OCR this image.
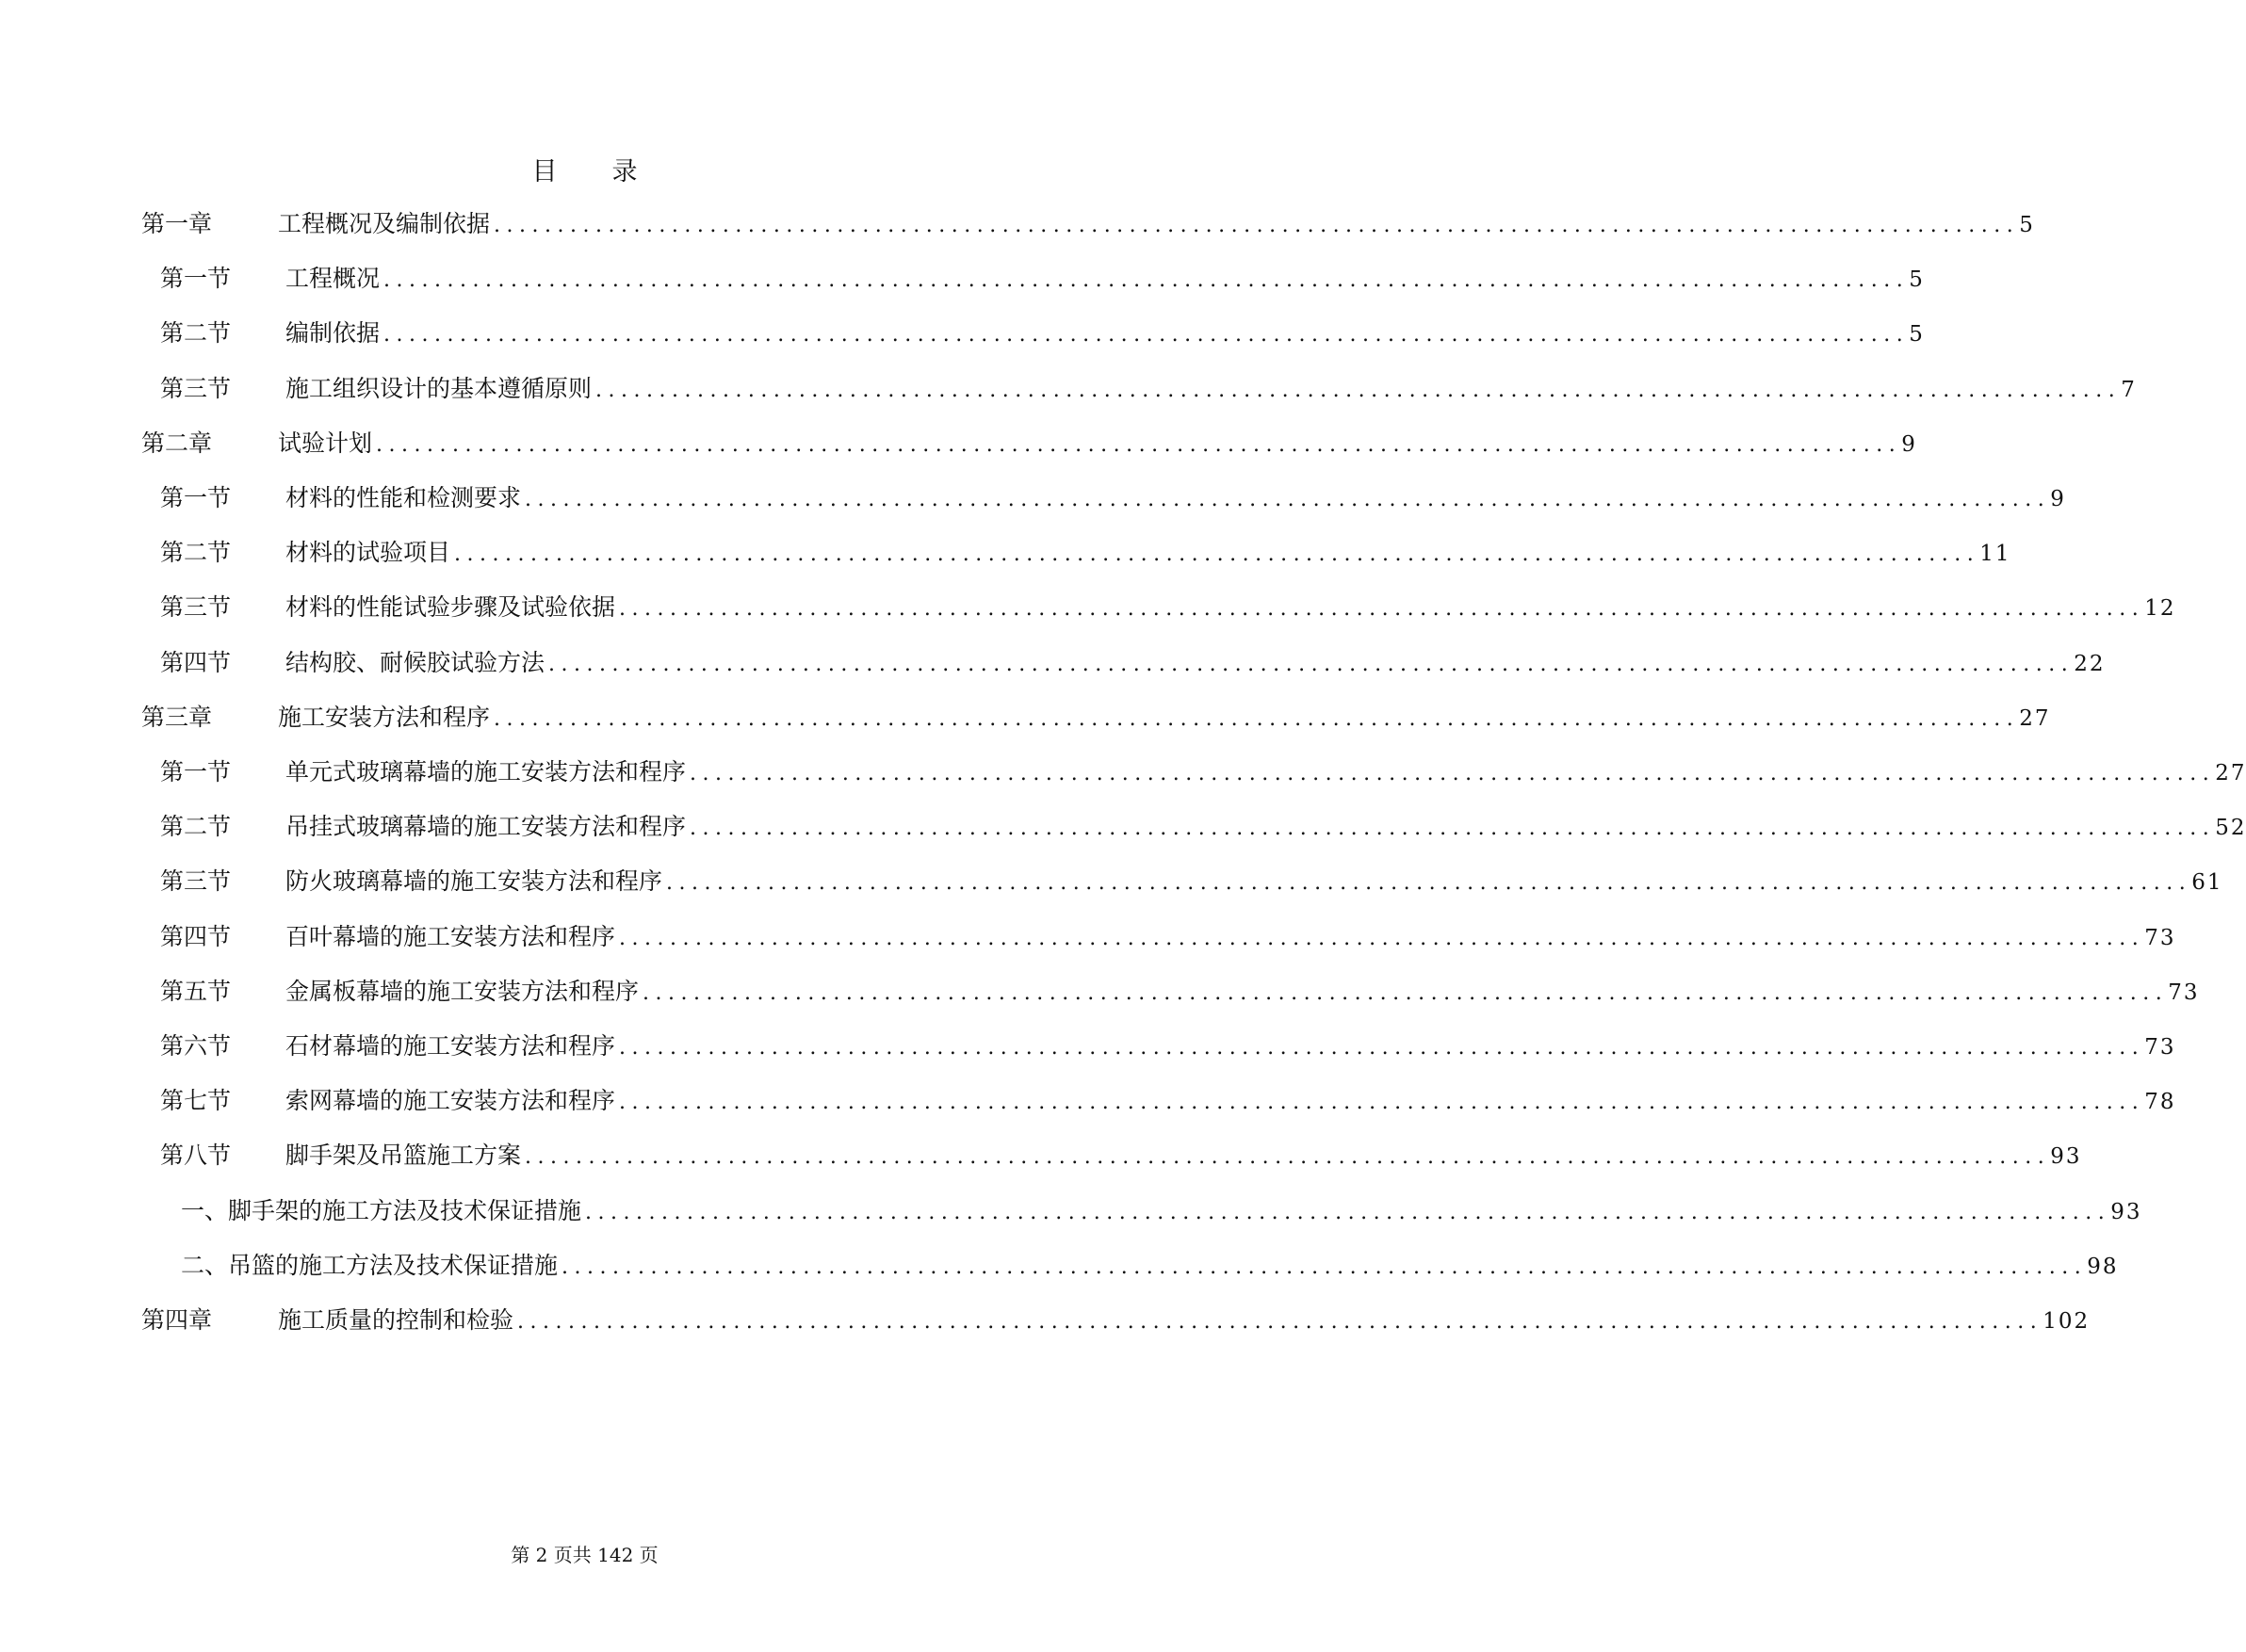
目 录
第一章	工程概况及编制依据 ........................................................................................................................ 5
第一节	工程概况 ........................................................................................................................ 5
第二节	编制依据 ........................................................................................................................ 5
第三节	施工组织设计的基本遵循原则 ........................................................................................................................ 7
第二章	试验计划 ........................................................................................................................ 9
第一节	材料的性能和检测要求 ........................................................................................................................ 9
第二节	材料的试验项目 ........................................................................................................................ 11
第三节	材料的性能试验步骤及试验依据 ........................................................................................................................ 12
第四节	结构胶、耐候胶试验方法 ........................................................................................................................ 22
第三章	施工安装方法和程序 ........................................................................................................................ 27
第一节	单元式玻璃幕墙的施工安装方法和程序 ........................................................................................................................ 27
第二节	吊挂式玻璃幕墙的施工安装方法和程序 ........................................................................................................................ 52
第三节	防火玻璃幕墙的施工安装方法和程序 ........................................................................................................................ 61
第四节	百叶幕墙的施工安装方法和程序 ........................................................................................................................ 73
第五节	金属板幕墙的施工安装方法和程序 ........................................................................................................................ 73
第六节	石材幕墙的施工安装方法和程序 ........................................................................................................................ 73
第七节	索网幕墙的施工安装方法和程序 ........................................................................................................................ 78
第八节	脚手架及吊篮施工方案 ........................................................................................................................ 93
一、脚手架的施工方法及技术保证措施 ........................................................................................................................ 93
二、吊篮的施工方法及技术保证措施 ........................................................................................................................ 98
第四章	施工质量的控制和检验 ........................................................................................................................ 102
第 2 页共 142 页
